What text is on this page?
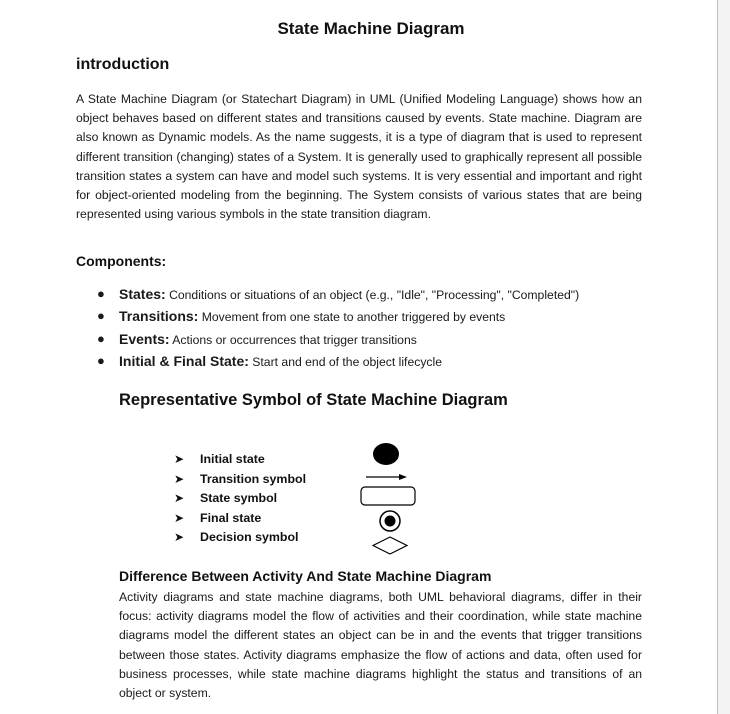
State Machine Diagram
introduction

A State Machine Diagram (or Statechart Diagram) in UML (Unified Modeling Language) shows how an object behaves based on different states and transitions caused by events. State machine. Diagram are also known as Dynamic models. As the name suggests, it is a type of diagram that is used to represent different transition (changing) states of a System. It is generally used to graphically represent all possible transition states a system can have and model such systems. It is very essential and important and right for object-oriented modeling from the beginning. The System consists of various states that are being represented using various symbols in the state transition diagram.

Components:
● States: Conditions or situations of an object (e.g., "Idle", "Processing", "Completed")
● Transitions: Movement from one state to another triggered by events
● Events: Actions or occurrences that trigger transitions
● Initial & Final State: Start and end of the object lifecycle
Representative Symbol of State Machine Diagram
➤ Initial state
➤ Transition symbol
➤ State symbol
➤ Final state
➤ Decision symbol
Difference Between Activity And State Machine Diagram

Activity diagrams and state machine diagrams, both UML behavioral diagrams, differ in their focus: activity diagrams model the flow of activities and their coordination, while state machine diagrams model the different states an object can be in and the events that trigger transitions between those states. Activity diagrams emphasize the flow of actions and data, often used for business processes, while state machine diagrams highlight the status and transitions of an object or system.
